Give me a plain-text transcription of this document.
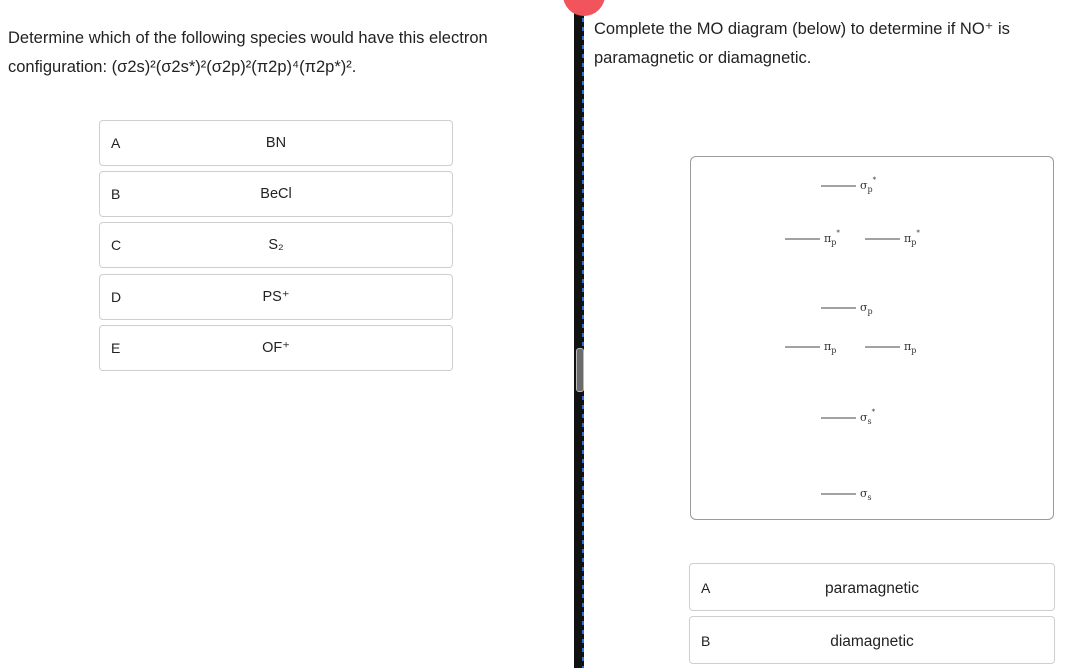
Determine which of the following species would have this electron
configuration: (σ2s)²(σ2s*)²(σ2p)²(π2p)⁴(π2p*)².
A	BN
B	BeCl
C	S₂
D	PS⁺
E	OF⁺
Complete the MO diagram (below) to determine if NO⁺ is
paramagnetic or diamagnetic.
$\sigma_p^*$
$\pi_p^*$	$\pi_p^*$
$\sigma_p$
$\pi_p$	$\pi_p$
$\sigma_s^*$
$\sigma_s$
A	paramagnetic
B	diamagnetic
